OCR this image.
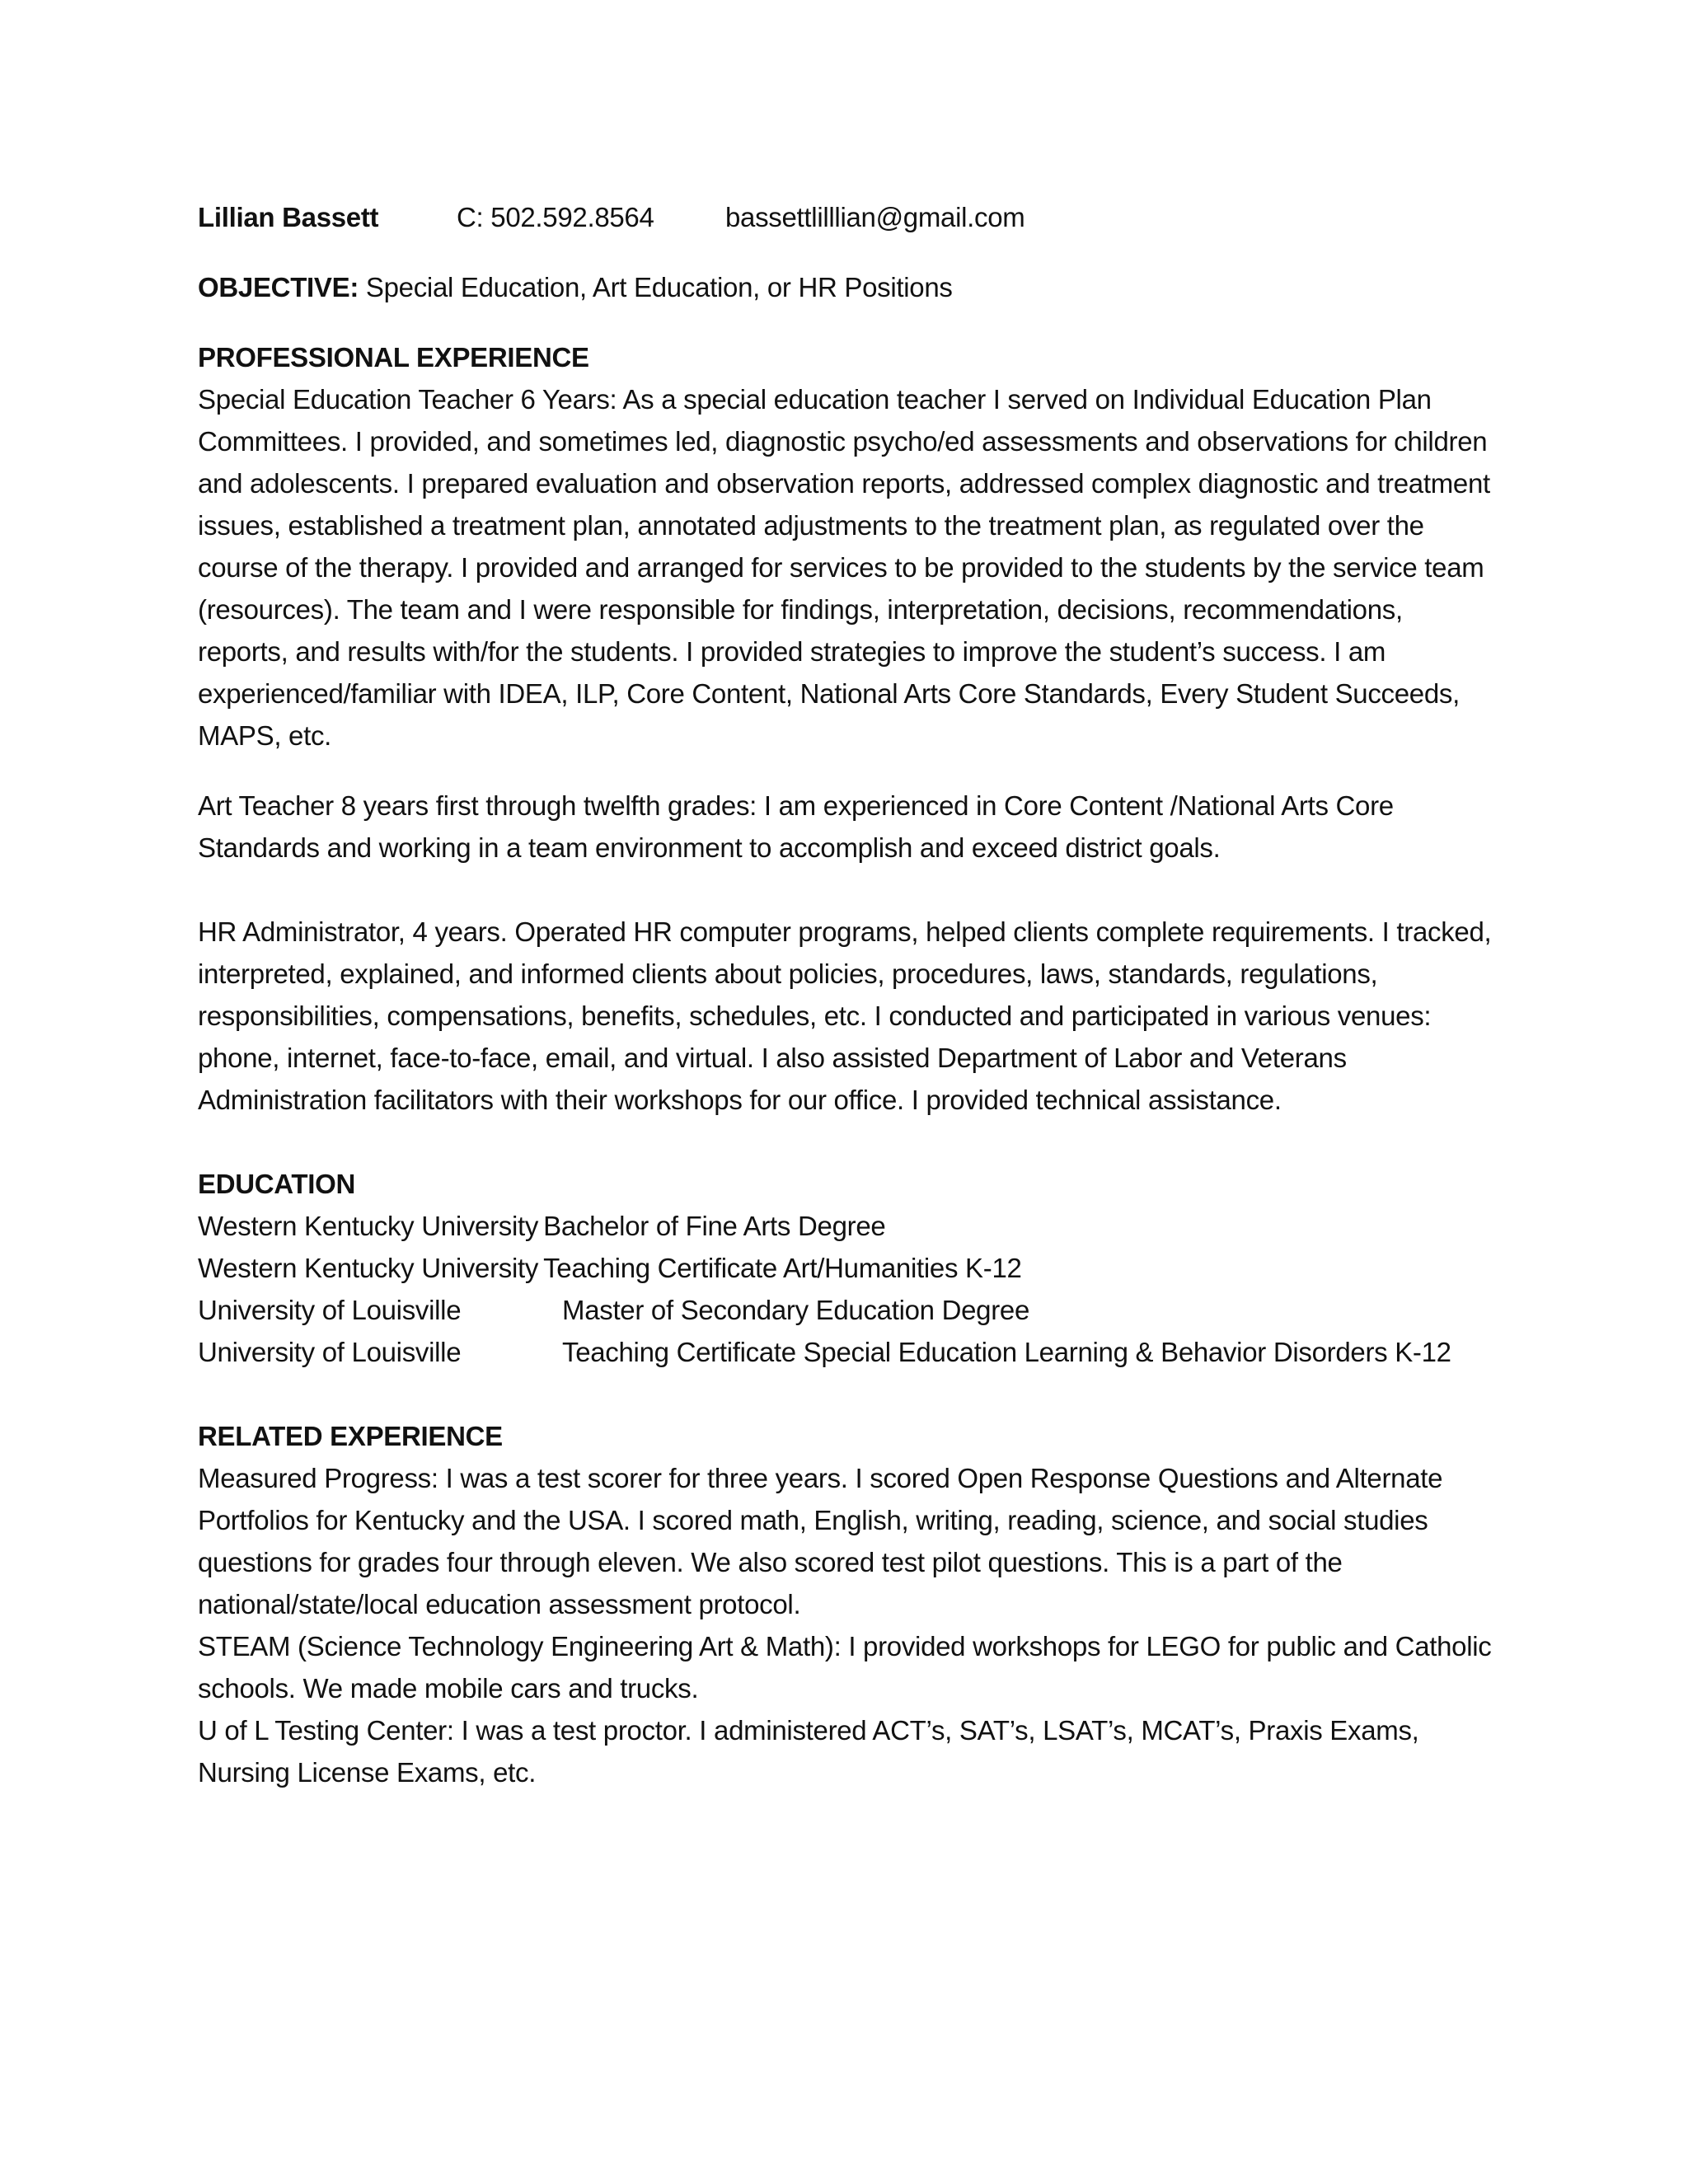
Lillian Bassett	C: 502.592.8564	bassettlilllian@gmail.com
OBJECTIVE: Special Education, Art Education, or HR Positions
PROFESSIONAL EXPERIENCE

Special Education Teacher 6 Years: As a special education teacher I served on Individual Education Plan Committees. I provided, and sometimes led, diagnostic psycho/ed assessments and observations for children and adolescents. I prepared evaluation and observation reports, addressed complex diagnostic and treatment issues, established a treatment plan, annotated adjustments to the treatment plan, as regulated over the course of the therapy. I provided and arranged for services to be provided to the students by the service team (resources). The team and I were responsible for findings, interpretation, decisions, recommendations, reports, and results with/for the students. I provided strategies to improve the student’s success. I am experienced/familiar with IDEA, ILP, Core Content, National Arts Core Standards, Every Student Succeeds, MAPS, etc.

Art Teacher 8 years first through twelfth grades: I am experienced in Core Content /National Arts Core Standards and working in a team environment to accomplish and exceed district goals.

HR Administrator, 4 years. Operated HR computer programs, helped clients complete requirements. I tracked, interpreted, explained, and informed clients about policies, procedures, laws, standards, regulations, responsibilities, compensations, benefits, schedules, etc. I conducted and participated in various venues: phone, internet, face-to-face, email, and virtual. I also assisted Department of Labor and Veterans Administration facilitators with their workshops for our office. I provided technical assistance.

EDUCATION
Western Kentucky University Bachelor of Fine Arts Degree
Western Kentucky University Teaching Certificate Art/Humanities K-12
University of Louisville	Master of Secondary Education Degree
University of Louisville	Teaching Certificate Special Education Learning & Behavior Disorders K-12
RELATED EXPERIENCE

Measured Progress: I was a test scorer for three years. I scored Open Response Questions and Alternate Portfolios for Kentucky and the USA. I scored math, English, writing, reading, science, and social studies questions for grades four through eleven. We also scored test pilot questions. This is a part of the national/state/local education assessment protocol.

STEAM (Science Technology Engineering Art & Math): I provided workshops for LEGO for public and Catholic schools. We made mobile cars and trucks.

U of L Testing Center: I was a test proctor. I administered ACT’s, SAT’s, LSAT’s, MCAT’s, Praxis Exams, Nursing License Exams, etc.
